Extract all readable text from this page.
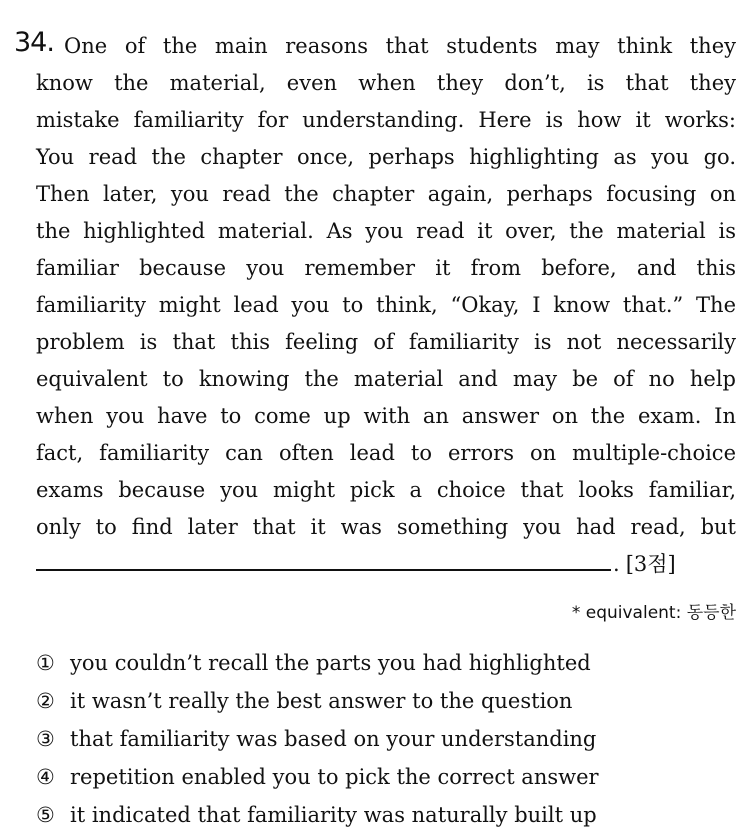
34. One of the main reasons that students may think they
know the material, even when they don’t, is that they
mistake familiarity for understanding. Here is how it works:
You read the chapter once, perhaps highlighting as you go.
Then later, you read the chapter again, perhaps focusing on
the highlighted material. As you read it over, the material is
familiar because you remember it from before, and this
familiarity might lead you to think, “Okay, I know that.” The
problem is that this feeling of familiarity is not necessarily
equivalent to knowing the material and may be of no help
when you have to come up with an answer on the exam. In
fact, familiarity can often lead to errors on multiple-choice
exams because you might pick a choice that looks familiar,
only to find later that it was something you had read, but
. [3점]
* equivalent: 동등한
① you couldn’t recall the parts you had highlighted
② it wasn’t really the best answer to the question
③ that familiarity was based on your understanding
④ repetition enabled you to pick the correct answer
⑤ it indicated that familiarity was naturally built up
